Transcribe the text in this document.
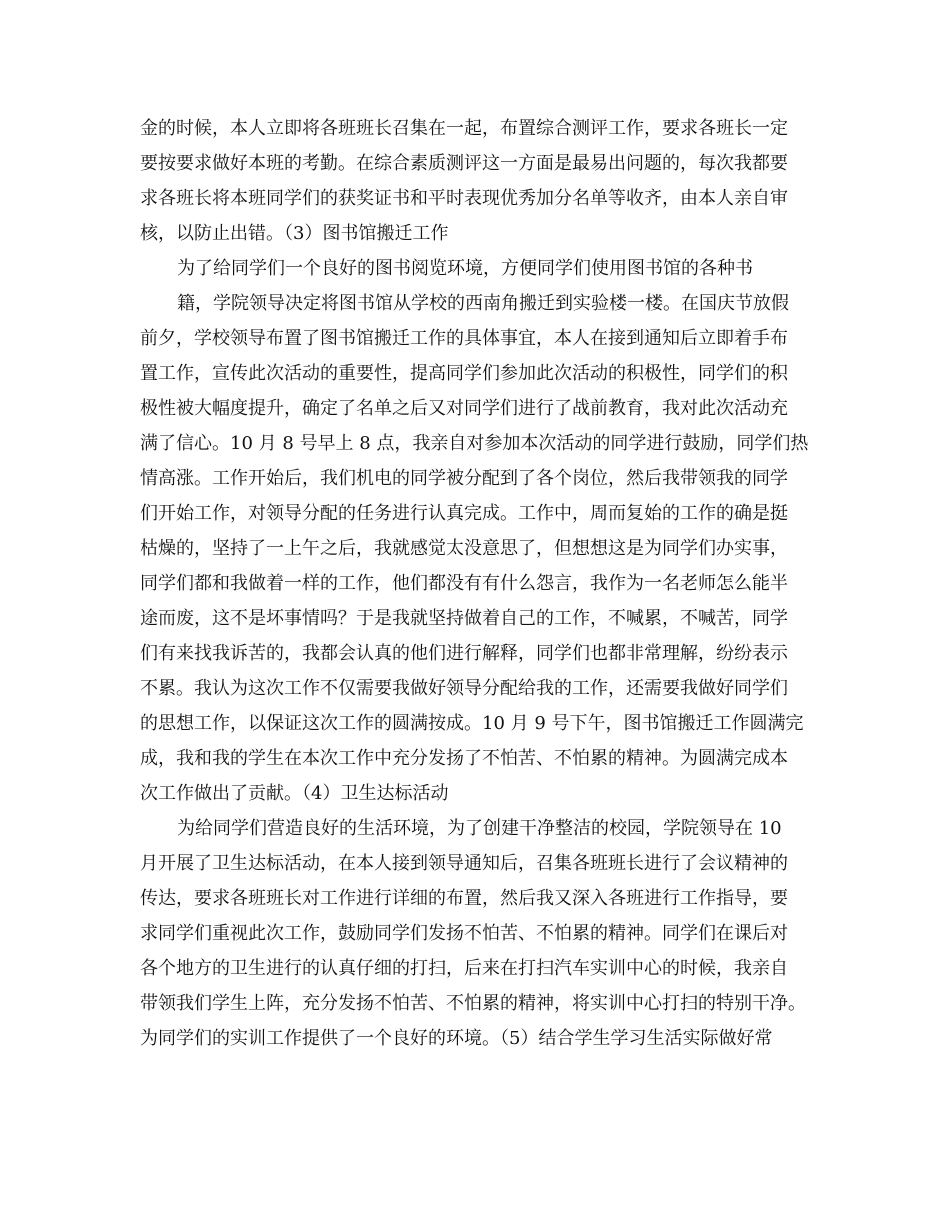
金的时候，本人立即将各班班长召集在一起，布置综合测评工作，要求各班长一定
要按要求做好本班的考勤。在综合素质测评这一方面是最易出问题的，每次我都要
求各班长将本班同学们的获奖证书和平时表现优秀加分名单等收齐，由本人亲自审
核，以防止出错。（3）图书馆搬迁工作
为了给同学们一个良好的图书阅览环境，方便同学们使用图书馆的各种书
籍，学院领导决定将图书馆从学校的西南角搬迁到实验楼一楼。在国庆节放假
前夕，学校领导布置了图书馆搬迁工作的具体事宜，本人在接到通知后立即着手布
置工作，宣传此次活动的重要性，提高同学们参加此次活动的积极性，同学们的积
极性被大幅度提升，确定了名单之后又对同学们进行了战前教育，我对此次活动充
满了信心。10 月 8 号早上 8 点，我亲自对参加本次活动的同学进行鼓励，同学们热
情高涨。工作开始后，我们机电的同学被分配到了各个岗位，然后我带领我的同学
们开始工作，对领导分配的任务进行认真完成。工作中，周而复始的工作的确是挺
枯燥的，坚持了一上午之后，我就感觉太没意思了，但想想这是为同学们办实事，
同学们都和我做着一样的工作，他们都没有有什么怨言，我作为一名老师怎么能半
途而废，这不是坏事情吗？于是我就坚持做着自己的工作，不喊累，不喊苦，同学
们有来找我诉苦的，我都会认真的他们进行解释，同学们也都非常理解，纷纷表示
不累。我认为这次工作不仅需要我做好领导分配给我的工作，还需要我做好同学们
的思想工作，以保证这次工作的圆满按成。10 月 9 号下午，图书馆搬迁工作圆满完
成，我和我的学生在本次工作中充分发扬了不怕苦、不怕累的精神。为圆满完成本
次工作做出了贡献。（4）卫生达标活动
为给同学们营造良好的生活环境，为了创建干净整洁的校园，学院领导在 10
月开展了卫生达标活动，在本人接到领导通知后，召集各班班长进行了会议精神的
传达，要求各班班长对工作进行详细的布置，然后我又深入各班进行工作指导，要
求同学们重视此次工作，鼓励同学们发扬不怕苦、不怕累的精神。同学们在课后对
各个地方的卫生进行的认真仔细的打扫，后来在打扫汽车实训中心的时候，我亲自
带领我们学生上阵，充分发扬不怕苦、不怕累的精神，将实训中心打扫的特别干净。
为同学们的实训工作提供了一个良好的环境。（5）结合学生学习生活实际做好常
